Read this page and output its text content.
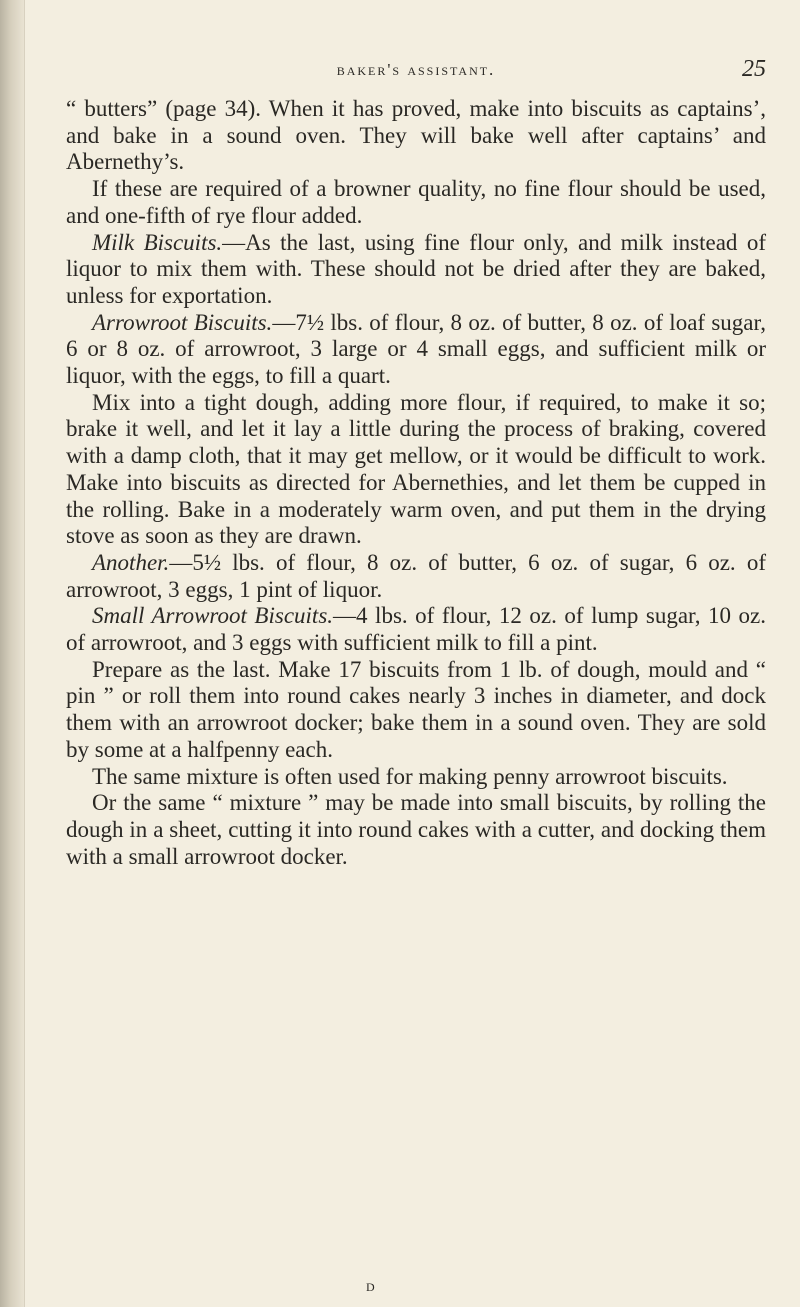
baker's assistant.	25

“ butters” (page 34). When it has proved, make into biscuits as captains’, and bake in a sound oven. They will bake well after captains’ and Abernethy’s.

If these are required of a browner quality, no fine flour should be used, and one-fifth of rye flour added.

Milk Biscuits.—As the last, using fine flour only, and milk instead of liquor to mix them with. These should not be dried after they are baked, unless for exportation.

Arrowroot Biscuits.—7½ lbs. of flour, 8 oz. of butter, 8 oz. of loaf sugar, 6 or 8 oz. of arrowroot, 3 large or 4 small eggs, and sufficient milk or liquor, with the eggs, to fill a quart.

Mix into a tight dough, adding more flour, if required, to make it so; brake it well, and let it lay a little during the process of braking, covered with a damp cloth, that it may get mellow, or it would be difficult to work. Make into biscuits as directed for Abernethies, and let them be cupped in the rolling. Bake in a moderately warm oven, and put them in the drying stove as soon as they are drawn.

Another.—5½ lbs. of flour, 8 oz. of butter, 6 oz. of sugar, 6 oz. of arrowroot, 3 eggs, 1 pint of liquor.

Small Arrowroot Biscuits.—4 lbs. of flour, 12 oz. of lump sugar, 10 oz. of arrowroot, and 3 eggs with sufficient milk to fill a pint.

Prepare as the last. Make 17 biscuits from 1 lb. of dough, mould and “ pin ” or roll them into round cakes nearly 3 inches in diameter, and dock them with an arrowroot docker; bake them in a sound oven. They are sold by some at a halfpenny each.

The same mixture is often used for making penny arrowroot biscuits.

Or the same “ mixture ” may be made into small biscuits, by rolling the dough in a sheet, cutting it into round cakes with a cutter, and docking them with a small arrowroot docker.

d
